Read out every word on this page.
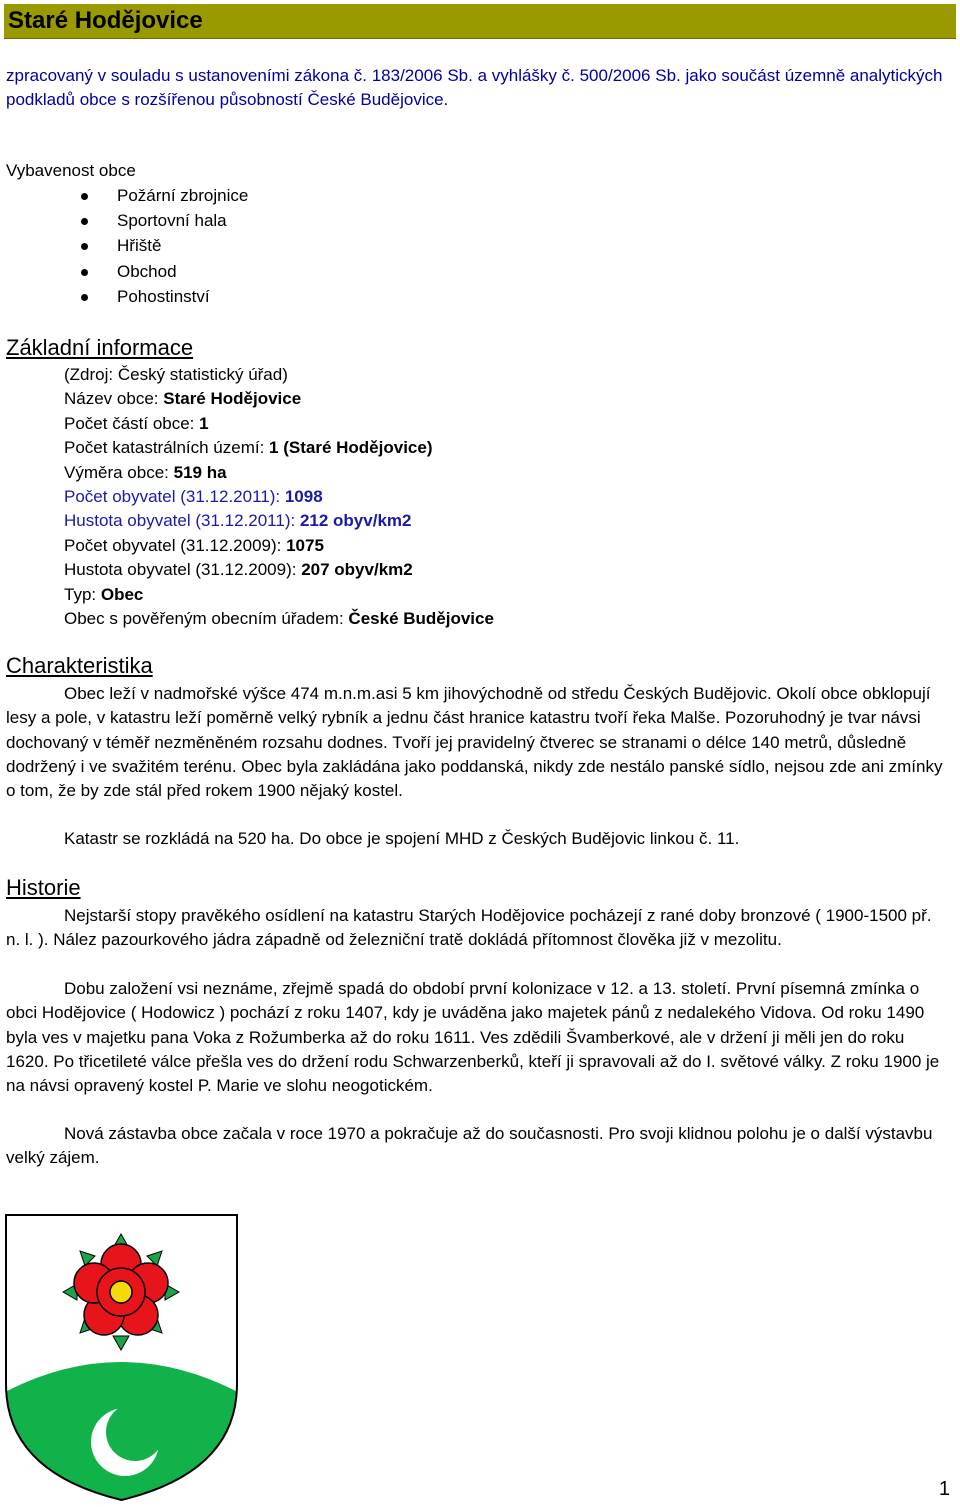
Staré Hodějovice
zpracovaný v souladu s ustanoveními zákona č. 183/2006 Sb. a vyhlášky č. 500/2006 Sb. jako součást územně analytických podkladů obce s rozšířenou působností České Budějovice.
Vybavenost obce
Požární zbrojnice
Sportovní hala
Hřiště
Obchod
Pohostinství
Základní informace
(Zdroj: Český statistický úřad)
Název obce: Staré Hodějovice
Počet částí obce: 1
Počet katastrálních území: 1 (Staré Hodějovice)
Výměra obce: 519 ha
Počet obyvatel (31.12.2011): 1098
Hustota obyvatel (31.12.2011): 212 obyv/km2
Počet obyvatel (31.12.2009): 1075
Hustota obyvatel (31.12.2009): 207 obyv/km2
Typ: Obec
Obec s pověřeným obecním úřadem: České Budějovice
Charakteristika
Obec leží v nadmořské výšce 474 m.n.m.asi 5 km jihovýchodně od středu Českých Budějovic. Okolí obce obklopují lesy a pole, v katastru leží poměrně velký rybník a jednu část hranice katastru tvoří řeka Malše. Pozoruhodný je tvar návsi dochovaný v téměř nezměněném rozsahu dodnes. Tvoří jej pravidelný čtverec se stranami o délce 140 metrů, důsledně dodržený i ve svažitém terénu. Obec byla zakládána jako poddanská, nikdy zde nestálo panské sídlo, nejsou zde ani zmínky o tom, že by zde stál před rokem 1900 nějaký kostel.
Katastr se rozkládá na 520 ha. Do obce je spojení MHD z Českých Budějovic linkou č. 11.
Historie
Nejstarší stopy pravěkého osídlení na katastru Starých Hodějovice pocházejí z rané doby bronzové ( 1900-1500 př. n. l. ). Nález pazourkového jádra západně od železniční tratě dokládá přítomnost člověka již v mezolitu.
Dobu založení vsi neznáme, zřejmě spadá do období první kolonizace v 12. a 13. století. První písemná zmínka o obci Hodějovice ( Hodowicz ) pochází z roku 1407, kdy je uváděna jako majetek pánů z nedalekého Vidova. Od roku 1490 byla ves v majetku pana Voka z Rožumberka až do roku 1611. Ves zdědili Švamberkové, ale v držení ji měli jen do roku 1620. Po třicetileté válce přešla ves do držení rodu Schwarzenberků, kteří ji spravovali až do I. světové války. Z roku 1900 je na návsi opravený kostel P. Marie ve slohu neogotickém.
Nová zástavba obce začala v roce 1970 a pokračuje až do současnosti. Pro svoji klidnou polohu je o další výstavbu velký zájem.
1
